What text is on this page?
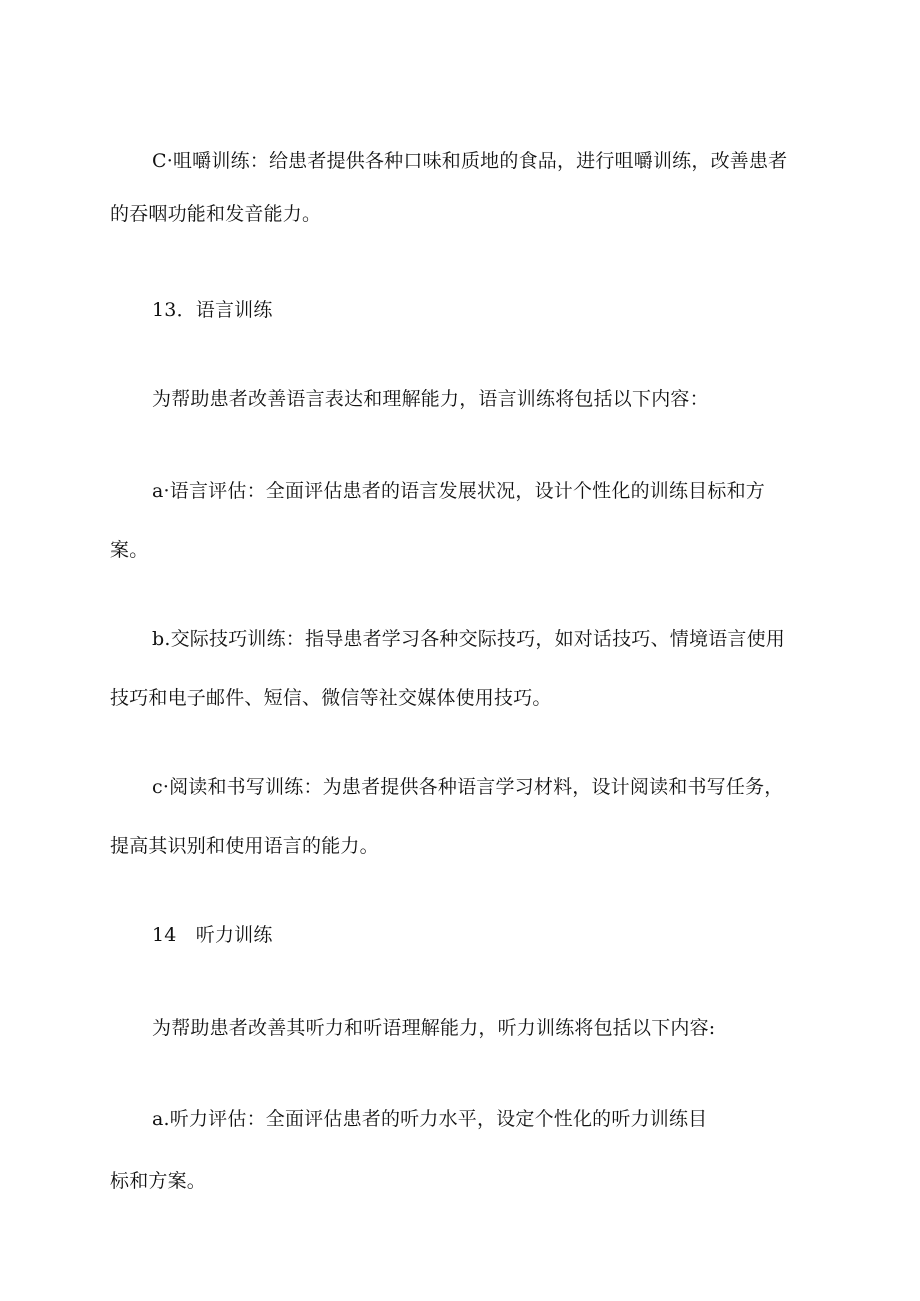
C·咀嚼训练：给患者提供各种口味和质地的食品，进行咀嚼训练，改善患者
的吞咽功能和发音能力。
13．语言训练
为帮助患者改善语言表达和理解能力，语言训练将包括以下内容：
a·语言评估：全面评估患者的语言发展状况，设计个性化的训练目标和方
案。
b.交际技巧训练：指导患者学习各种交际技巧，如对话技巧、情境语言使用
技巧和电子邮件、短信、微信等社交媒体使用技巧。
c·阅读和书写训练：为患者提供各种语言学习材料，设计阅读和书写任务，
提高其识别和使用语言的能力。
14　听力训练
为帮助患者改善其听力和听语理解能力，听力训练将包括以下内容:
a.听力评估：全面评估患者的听力水平，设定个性化的听力训练目
标和方案。
